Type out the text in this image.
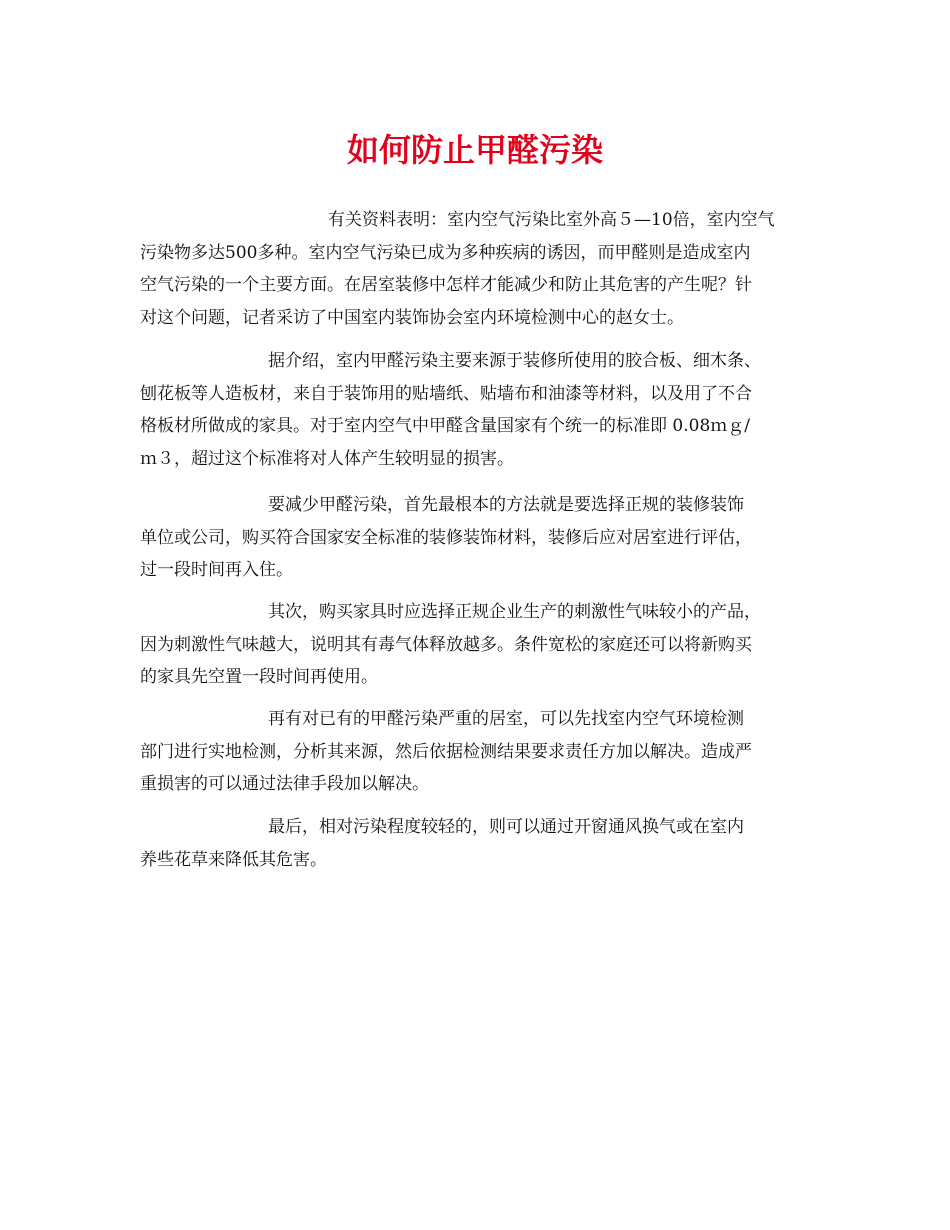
如何防止甲醛污染

有关资料表明：室内空气污染比室外高５—10倍，室内空气
污染物多达500多种。室内空气污染已成为多种疾病的诱因，而甲醛则是造成室内
空气污染的一个主要方面。在居室装修中怎样才能减少和防止其危害的产生呢？针
对这个问题，记者采访了中国室内装饰协会室内环境检测中心的赵女士。

据介绍，室内甲醛污染主要来源于装修所使用的胶合板、细木条、
刨花板等人造板材，来自于装饰用的贴墙纸、贴墙布和油漆等材料，以及用了不合
格板材所做成的家具。对于室内空气中甲醛含量国家有个统一的标准即 0.08ｍｇ/
ｍ３，超过这个标准将对人体产生较明显的损害。

要减少甲醛污染，首先最根本的方法就是要选择正规的装修装饰
单位或公司，购买符合国家安全标准的装修装饰材料，装修后应对居室进行评估，
过一段时间再入住。

其次，购买家具时应选择正规企业生产的刺激性气味较小的产品，
因为刺激性气味越大，说明其有毒气体释放越多。条件宽松的家庭还可以将新购买
的家具先空置一段时间再使用。

再有对已有的甲醛污染严重的居室，可以先找室内空气环境检测
部门进行实地检测，分析其来源，然后依据检测结果要求责任方加以解决。造成严
重损害的可以通过法律手段加以解决。

最后，相对污染程度较轻的，则可以通过开窗通风换气或在室内
养些花草来降低其危害。
